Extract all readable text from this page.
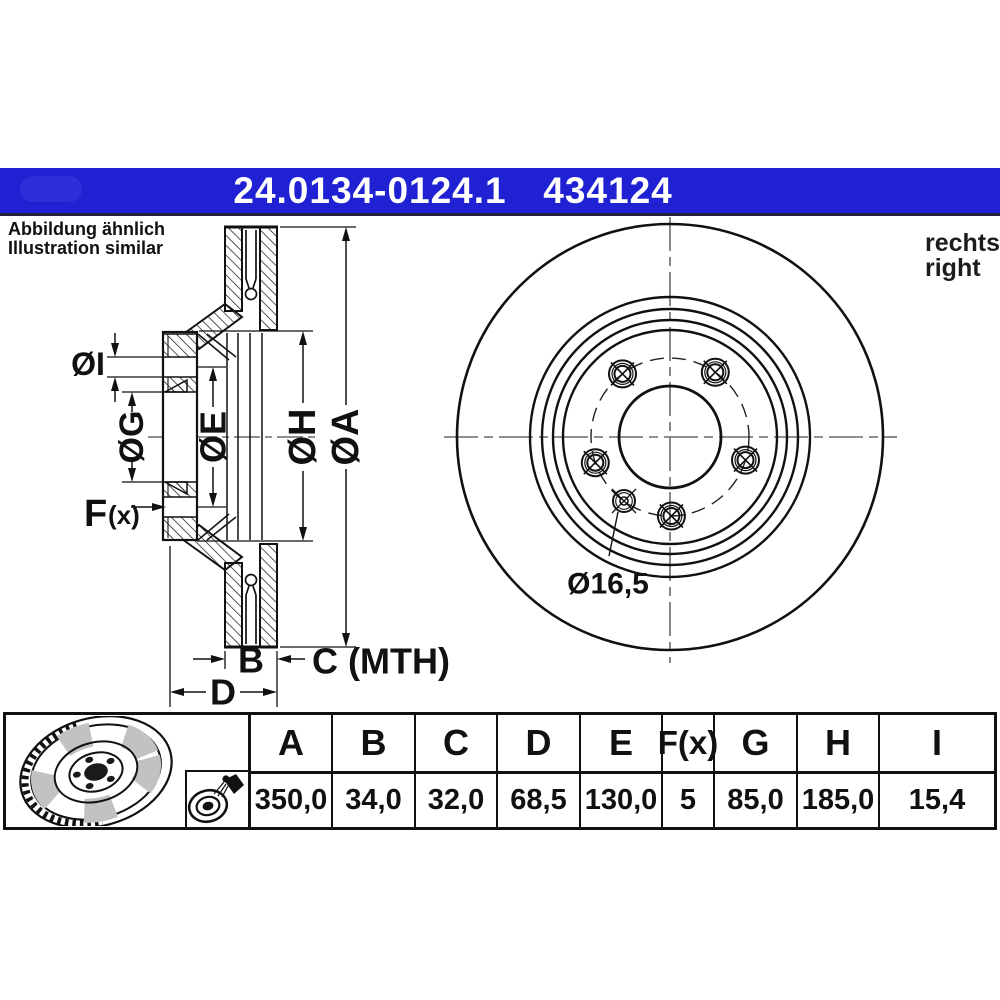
24.0134-0124.1 434124
Abbildung ähnlich
Illustration similar	rechts
right
ØA
ØH
ØE
ØG
ØI
F (x)
B C (MTH)
D
Ø16,5
A	B	C	D	E F(x) G	H	I
350,0 34,0 32,0 68,5 130,0 5	85,0 185,0	15,4
